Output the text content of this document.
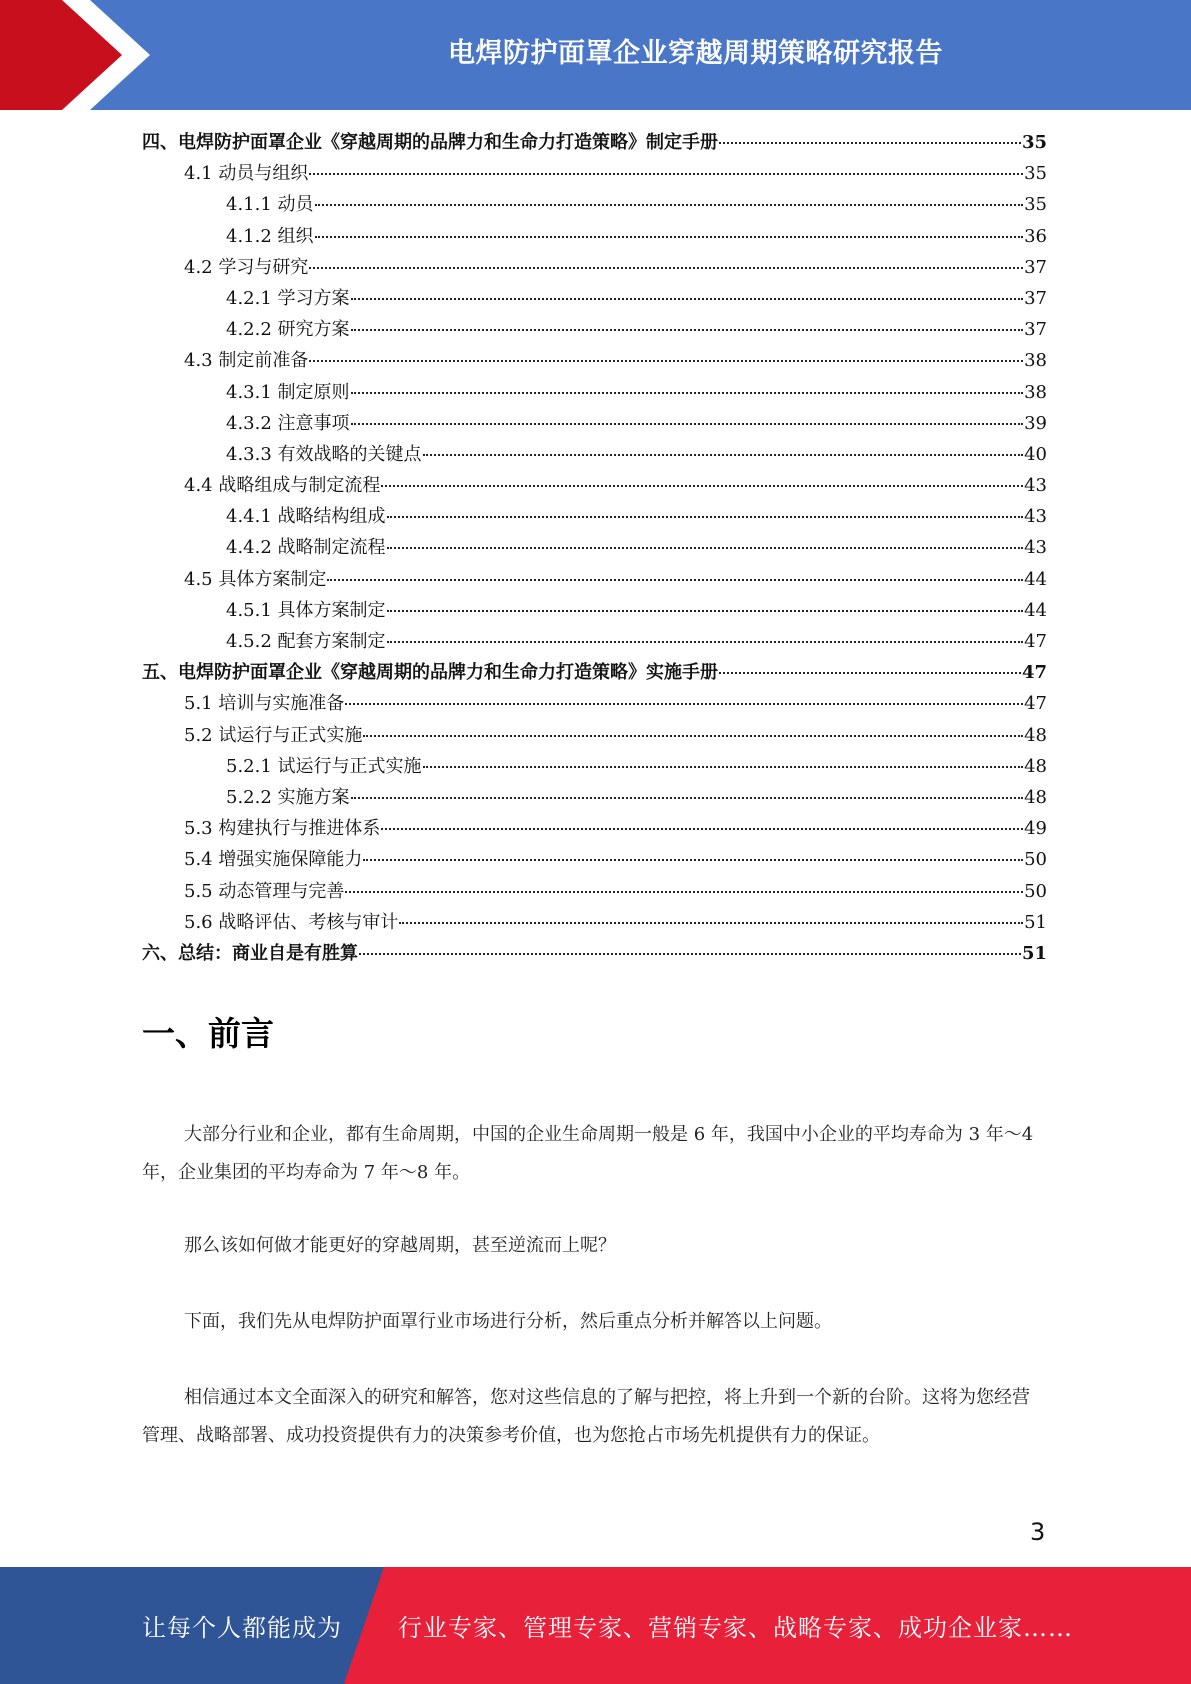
电焊防护面罩企业穿越周期策略研究报告
四、电焊防护面罩企业《穿越周期的品牌力和生命力打造策略》制定手册	35
4.1 动员与组织	35
4.1.1 动员	35
4.1.2 组织	36
4.2 学习与研究	37
4.2.1 学习方案	37
4.2.2 研究方案	37
4.3 制定前准备	38
4.3.1 制定原则	38
4.3.2 注意事项	39
4.3.3 有效战略的关键点	40
4.4 战略组成与制定流程	43
4.4.1 战略结构组成	43
4.4.2 战略制定流程	43
4.5 具体方案制定	44
4.5.1 具体方案制定	44
4.5.2 配套方案制定	47
五、电焊防护面罩企业《穿越周期的品牌力和生命力打造策略》实施手册	47
5.1 培训与实施准备	47
5.2 试运行与正式实施	48
5.2.1 试运行与正式实施	48
5.2.2 实施方案	48
5.3 构建执行与推进体系	49
5.4 增强实施保障能力	50
5.5 动态管理与完善	50
5.6 战略评估、考核与审计	51
六、总结：商业自是有胜算	51
一、前言

大部分行业和企业，都有生命周期，中国的企业生命周期一般是 6 年，我国中小企业的平均寿命为 3 年～4 年，企业集团的平均寿命为 7 年～8 年。

那么该如何做才能更好的穿越周期，甚至逆流而上呢？

下面，我们先从电焊防护面罩行业市场进行分析，然后重点分析并解答以上问题。

相信通过本文全面深入的研究和解答，您对这些信息的了解与把控，将上升到一个新的台阶。这将为您经营管理、战略部署、成功投资提供有力的决策参考价值，也为您抢占市场先机提供有力的保证。

3
让每个人都能成为 行业专家、管理专家、营销专家、战略专家、成功企业家……
